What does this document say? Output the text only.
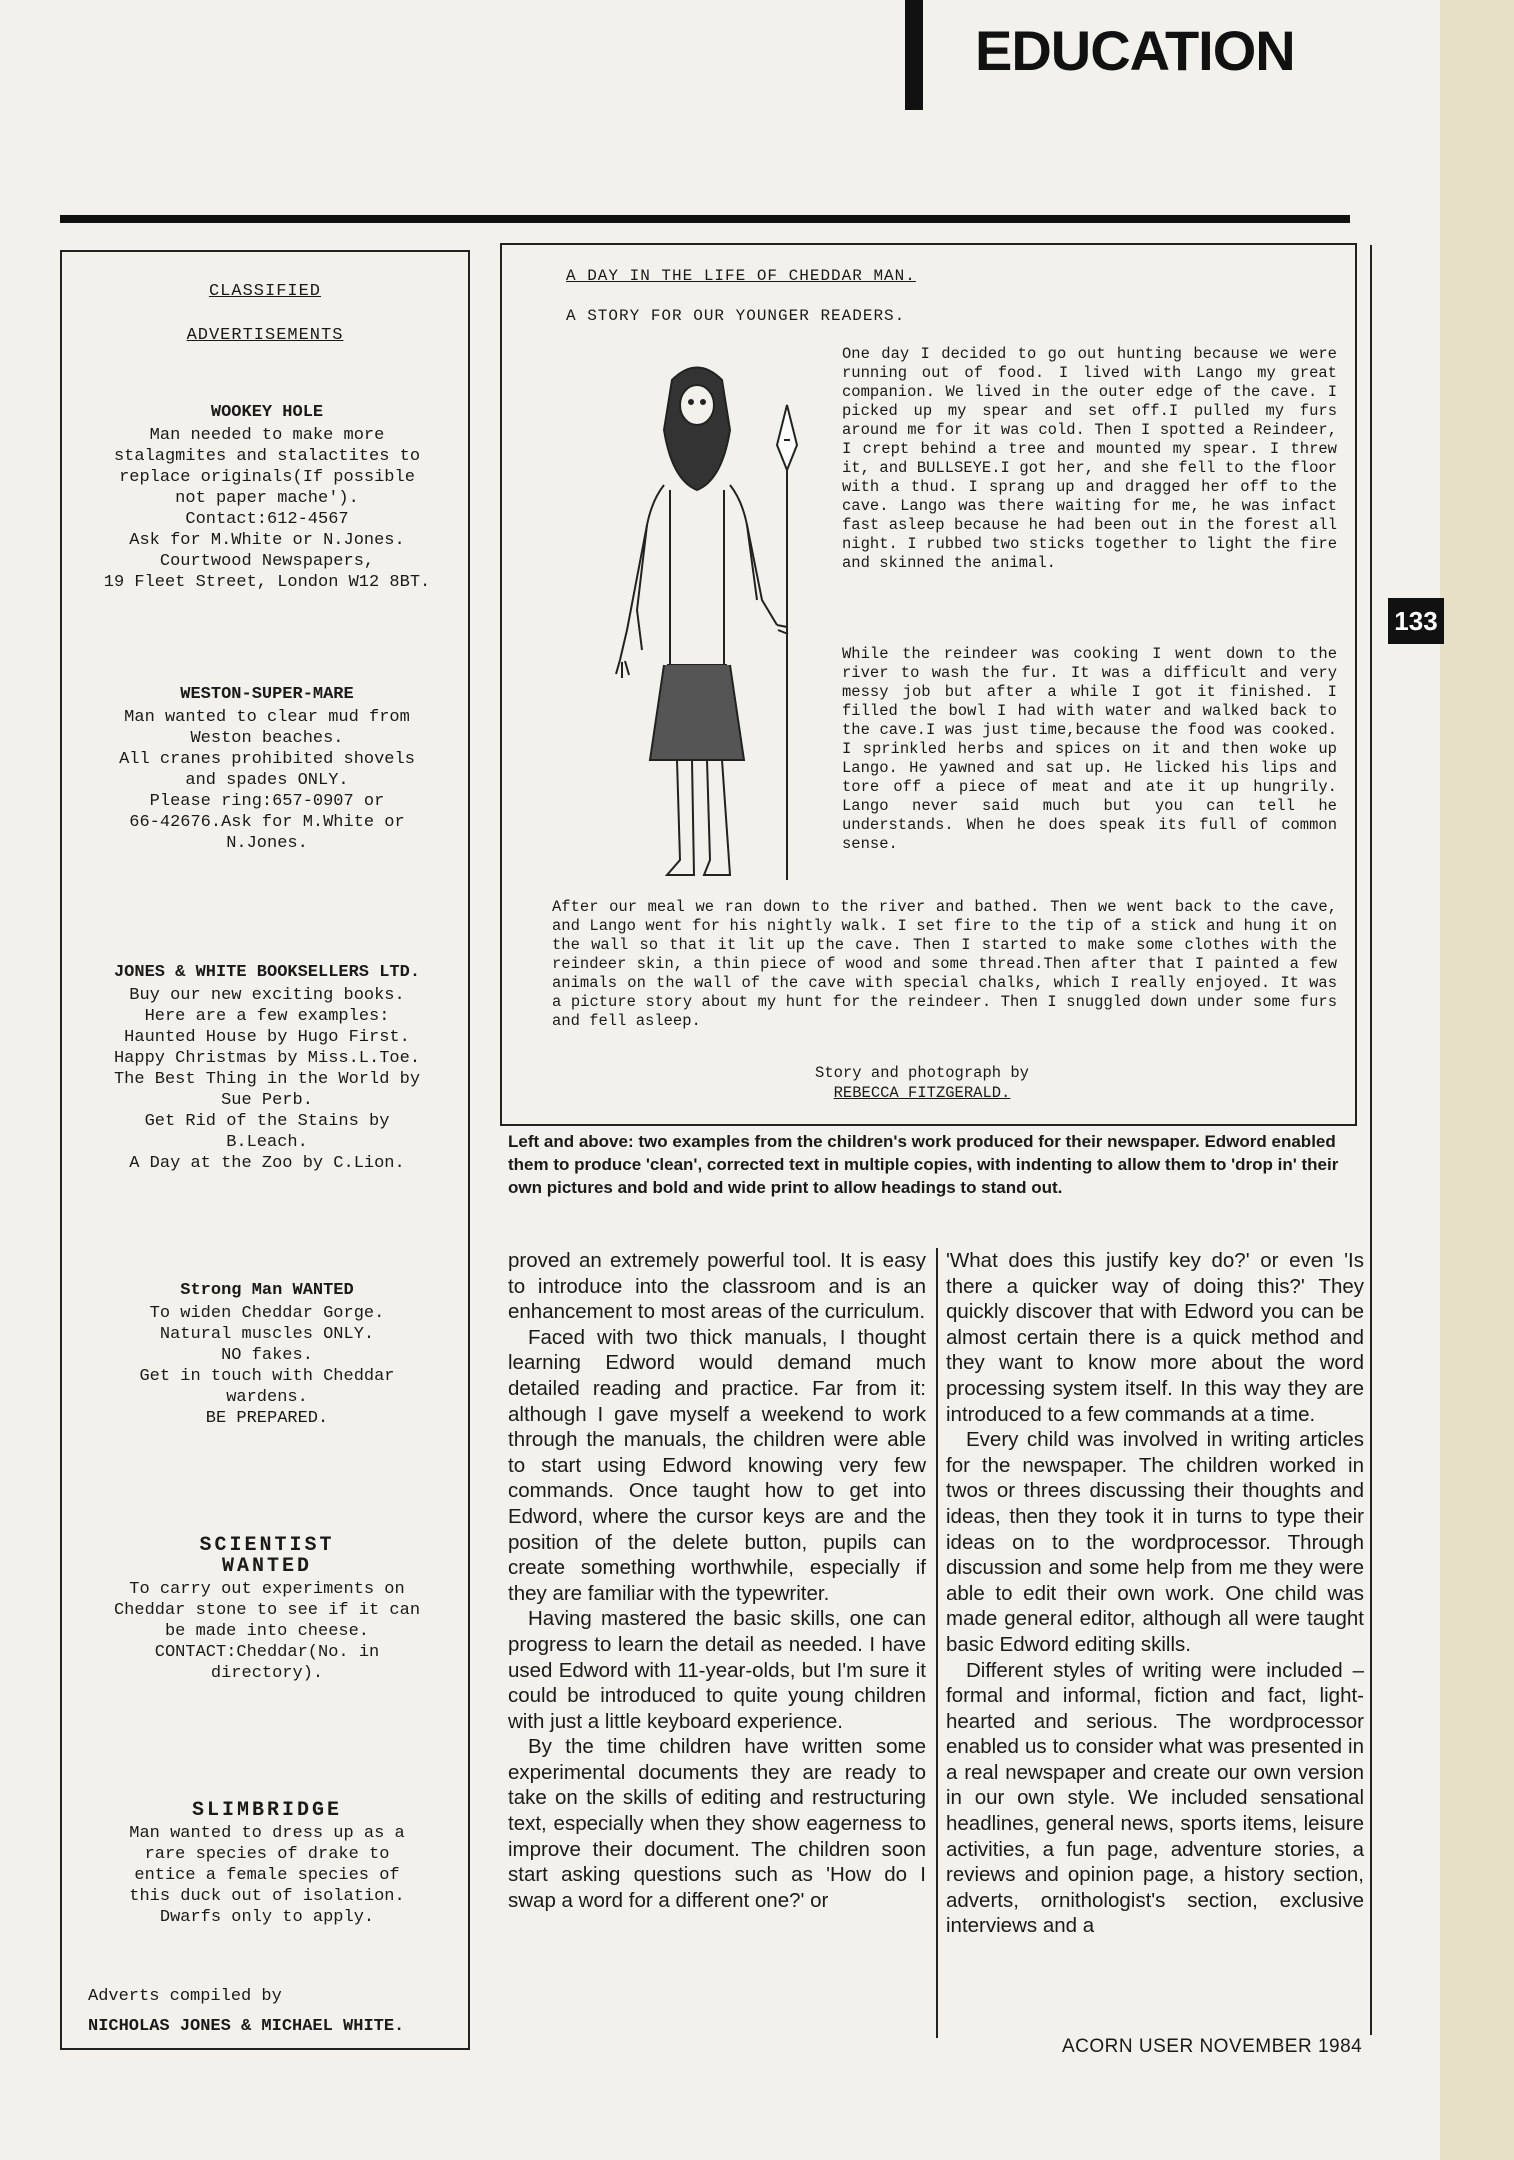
EDUCATION
133
CLASSIFIED
ADVERTISEMENTS
WOOKEY HOLE
Man needed to make more
stalagmites and stalactites to
replace originals(If possible
not paper mache').
Contact:612-4567
Ask for M.White or N.Jones.
Courtwood Newspapers,
19 Fleet Street, London W12 8BT.
WESTON-SUPER-MARE
Man wanted to clear mud from
Weston beaches.
All cranes prohibited shovels
and spades ONLY.
Please ring:657-0907 or
66-42676.Ask for M.White or
N.Jones.
JONES & WHITE BOOKSELLERS LTD.
Buy our new exciting books.
Here are a few examples:
Haunted House by Hugo First.
Happy Christmas by Miss.L.Toe.
The Best Thing in the World by
Sue Perb.
Get Rid of the Stains by
B.Leach.
A Day at the Zoo by C.Lion.
Strong Man WANTED
To widen Cheddar Gorge.
Natural muscles ONLY.
NO fakes.
Get in touch with Cheddar
wardens.
BE PREPARED.
SCIENTIST
WANTED
To carry out experiments on
Cheddar stone to see if it can
be made into cheese.
CONTACT:Cheddar(No. in
directory).
SLIMBRIDGE
Man wanted to dress up as a
rare species of drake to
entice a female species of
this duck out of isolation.
Dwarfs only to apply.
Adverts compiled by
NICHOLAS JONES & MICHAEL WHITE.
A DAY IN THE LIFE OF CHEDDAR MAN.
A STORY FOR OUR YOUNGER READERS.
One day I decided to go out hunting because we were running out of food. I lived with Lango my great companion. We lived in the outer edge of the cave. I picked up my spear and set off.I pulled my furs around me for it was cold. Then I spotted a Reindeer, I crept behind a tree and mounted my spear. I threw it, and BULLSEYE.I got her, and she fell to the floor with a thud. I sprang up and dragged her off to the cave. Lango was there waiting for me, he was infact fast asleep because he had been out in the forest all night. I rubbed two sticks together to light the fire and skinned the animal.
While the reindeer was cooking I went down to the river to wash the fur. It was a difficult and very messy job but after a while I got it finished. I filled the bowl I had with water and walked back to the cave.I was just time,because the food was cooked. I sprinkled herbs and spices on it and then woke up Lango. He yawned and sat up. He licked his lips and tore off a piece of meat and ate it up hungrily. Lango never said much but you can tell he understands. When he does speak its full of common sense.
After our meal we ran down to the river and bathed. Then we went back to the cave, and Lango went for his nightly walk. I set fire to the tip of a stick and hung it on the wall so that it lit up the cave. Then I started to make some clothes with the reindeer skin, a thin piece of wood and some thread.Then after that I painted a few animals on the wall of the cave with special chalks, which I really enjoyed. It was a picture story about my hunt for the reindeer. Then I snuggled down under some furs and fell asleep.
Story and photograph by
REBECCA FITZGERALD.
Left and above: two examples from the children's work produced for their newspaper. Edword enabled them to produce 'clean', corrected text in multiple copies, with indenting to allow them to 'drop in' their own pictures and bold and wide print to allow headings to stand out.

proved an extremely powerful tool. It is easy to introduce into the classroom and is an enhancement to most areas of the curriculum.

Faced with two thick manuals, I thought learning Edword would demand much detailed reading and practice. Far from it: although I gave myself a weekend to work through the manuals, the children were able to start using Edword knowing very few commands. Once taught how to get into Edword, where the cursor keys are and the position of the delete button, pupils can create something worthwhile, especially if they are familiar with the typewriter.

Having mastered the basic skills, one can progress to learn the detail as needed. I have used Edword with 11-year-olds, but I'm sure it could be introduced to quite young children with just a little keyboard experience.

By the time children have written some experimental documents they are ready to take on the skills of editing and restructuring text, especially when they show eagerness to improve their document. The children soon start asking questions such as 'How do I swap a word for a different one?' or

'What does this justify key do?' or even 'Is there a quicker way of doing this?' They quickly discover that with Edword you can be almost certain there is a quick method and they want to know more about the word processing system itself. In this way they are introduced to a few commands at a time.

Every child was involved in writing articles for the newspaper. The children worked in twos or threes discussing their thoughts and ideas, then they took it in turns to type their ideas on to the wordprocessor. Through discussion and some help from me they were able to edit their own work. One child was made general editor, although all were taught basic Edword editing skills.

Different styles of writing were included – formal and informal, fiction and fact, light-hearted and serious. The wordprocessor enabled us to consider what was presented in a real newspaper and create our own version in our own style. We included sensational headlines, general news, sports items, leisure activities, a fun page, adventure stories, a reviews and opinion page, a history section, adverts, ornithologist's section, exclusive interviews and a

ACORN USER NOVEMBER 1984
